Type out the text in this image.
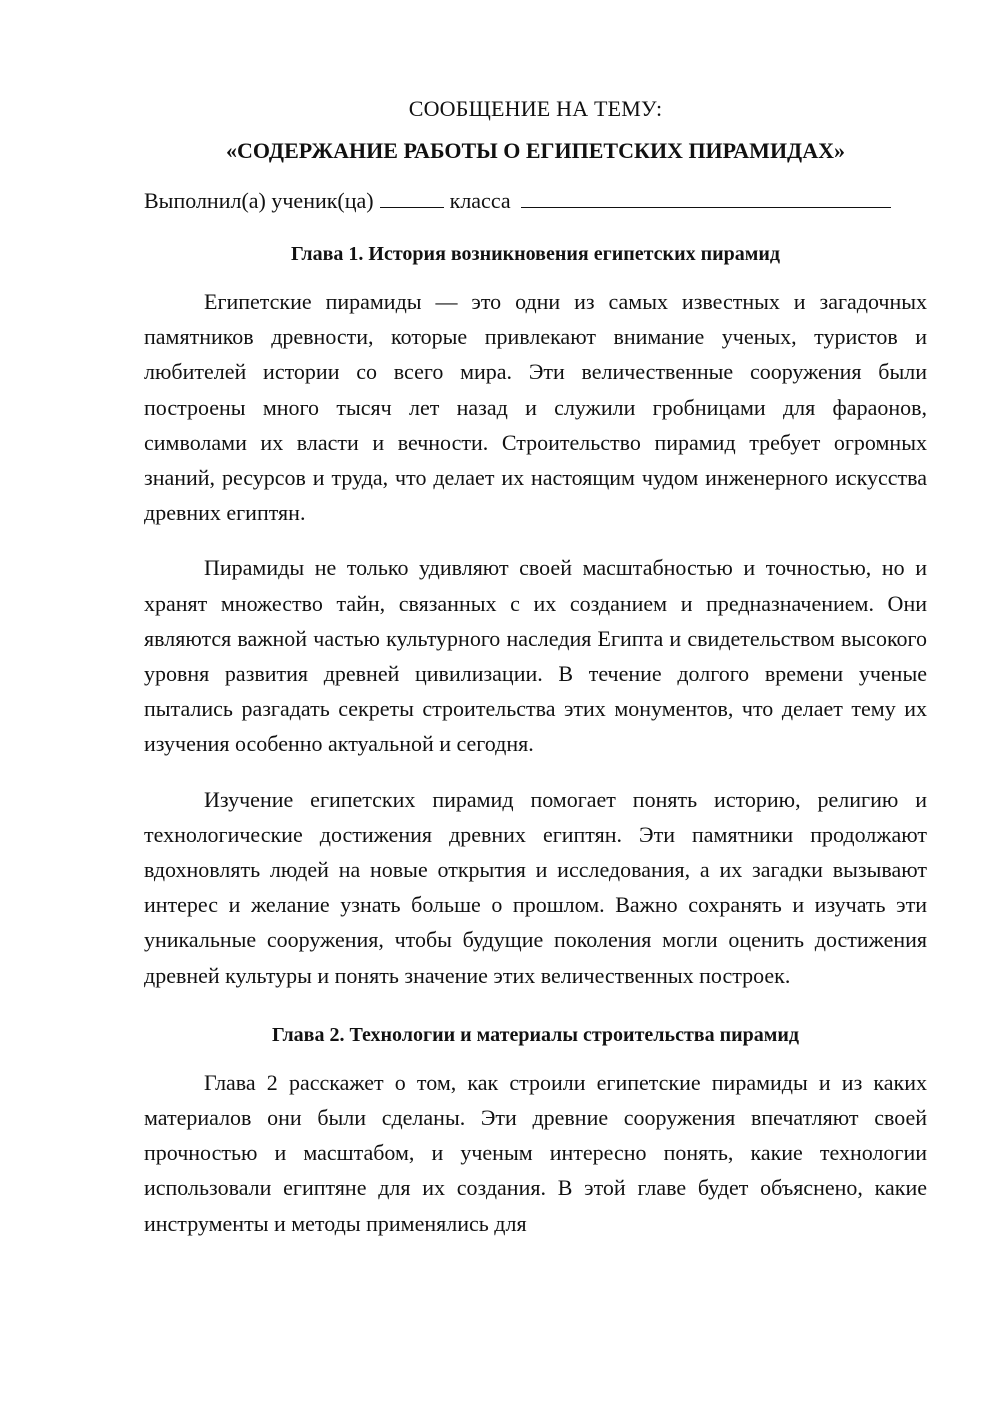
СООБЩЕНИЕ НА ТЕМУ:
«СОДЕРЖАНИЕ РАБОТЫ О ЕГИПЕТСКИХ ПИРАМИДАХ»
Выполнил(а) ученик(ца)	класса
Глава 1. История возникновения египетских пирамид

Египетские пирамиды — это одни из самых известных и загадочных памятников древности, которые привлекают внимание ученых, туристов и любителей истории со всего мира. Эти величественные сооружения были построены много тысяч лет назад и служили гробницами для фараонов, символами их власти и вечности. Строительство пирамид требует огромных знаний, ресурсов и труда, что делает их настоящим чудом инженерного искусства древних египтян.

Пирамиды не только удивляют своей масштабностью и точностью, но и хранят множество тайн, связанных с их созданием и предназначением. Они являются важной частью культурного наследия Египта и свидетельством высокого уровня развития древней цивилизации. В течение долгого времени ученые пытались разгадать секреты строительства этих монументов, что делает тему их изучения особенно актуальной и сегодня.

Изучение египетских пирамид помогает понять историю, религию и технологические достижения древних египтян. Эти памятники продолжают вдохновлять людей на новые открытия и исследования, а их загадки вызывают интерес и желание узнать больше о прошлом. Важно сохранять и изучать эти уникальные сооружения, чтобы будущие поколения могли оценить достижения древней культуры и понять значение этих величественных построек.

Глава 2. Технологии и материалы строительства пирамид

Глава 2 расскажет о том, как строили египетские пирамиды и из каких материалов они были сделаны. Эти древние сооружения впечатляют своей прочностью и масштабом, и ученым интересно понять, какие технологии использовали египтяне для их создания. В этой главе будет объяснено, какие инструменты и методы применялись для
